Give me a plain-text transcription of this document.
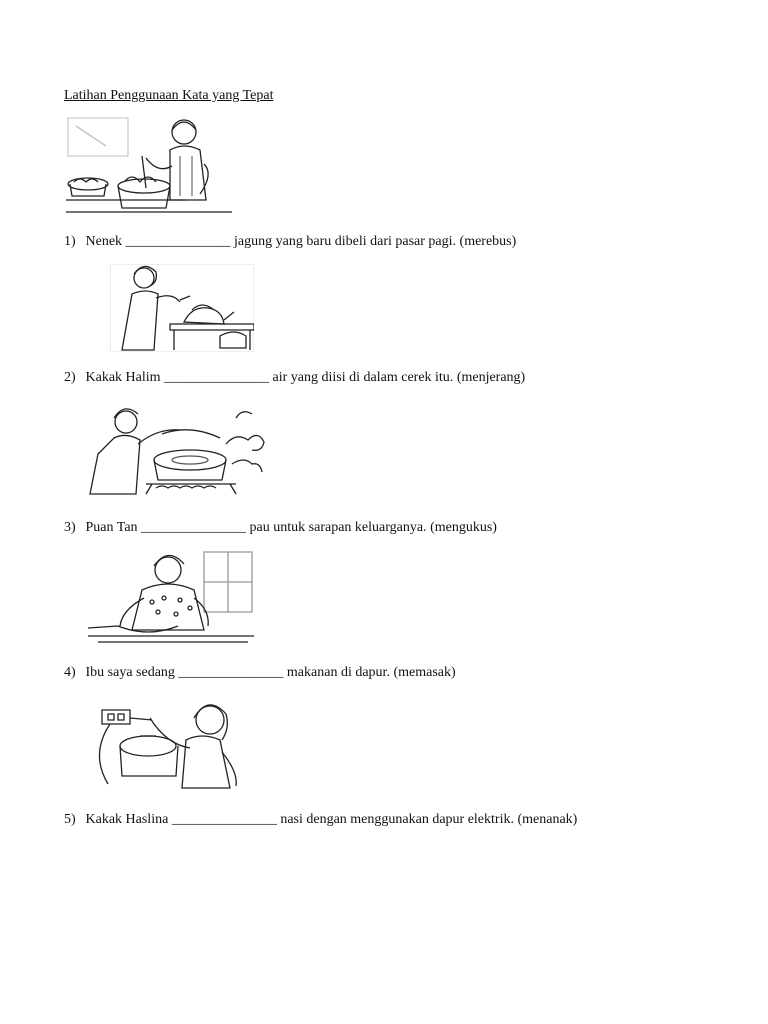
Latihan Penggunaan Kata yang Tepat
1) Nenek _______________ jagung yang baru dibeli dari pasar pagi. (merebus)
2) Kakak Halim _______________ air yang diisi di dalam cerek itu. (menjerang)
3) Puan Tan _______________ pau untuk sarapan keluarganya. (mengukus)
4) Ibu saya sedang _______________ makanan di dapur. (memasak)
5) Kakak Haslina _______________ nasi dengan menggunakan dapur elektrik. (menanak)
